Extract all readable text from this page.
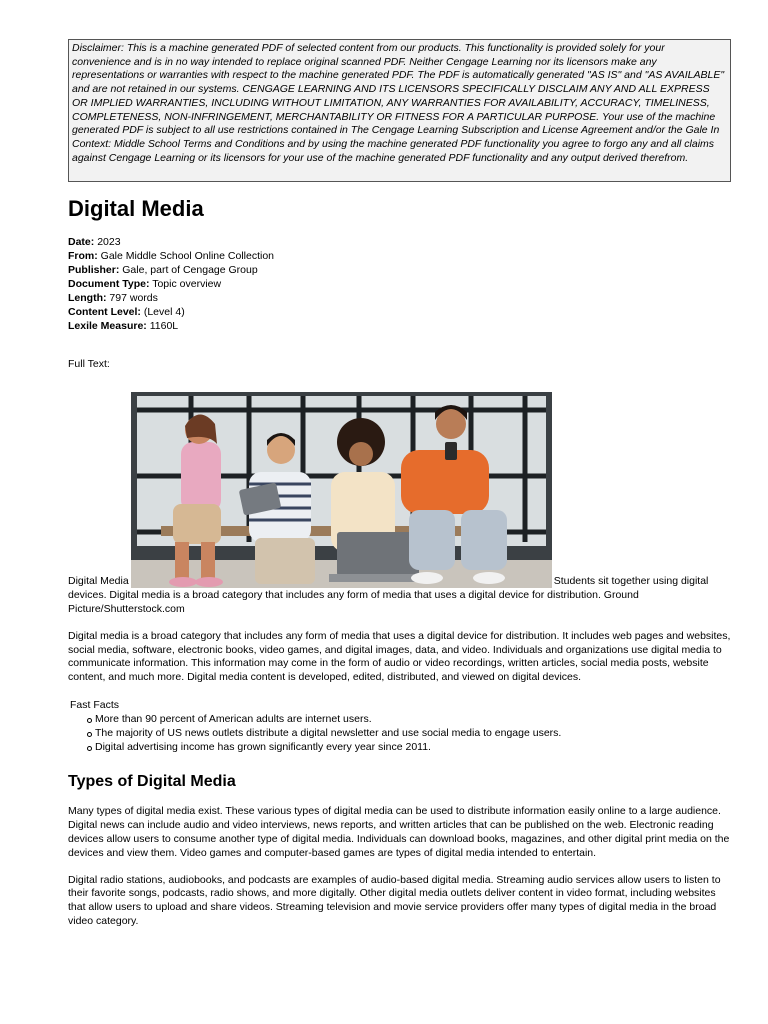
Disclaimer: This is a machine generated PDF of selected content from our products. This functionality is provided solely for your convenience and is in no way intended to replace original scanned PDF. Neither Cengage Learning nor its licensors make any representations or warranties with respect to the machine generated PDF. The PDF is automatically generated "AS IS" and "AS AVAILABLE" and are not retained in our systems. CENGAGE LEARNING AND ITS LICENSORS SPECIFICALLY DISCLAIM ANY AND ALL EXPRESS OR IMPLIED WARRANTIES, INCLUDING WITHOUT LIMITATION, ANY WARRANTIES FOR AVAILABILITY, ACCURACY, TIMELINESS, COMPLETENESS, NON-INFRINGEMENT, MERCHANTABILITY OR FITNESS FOR A PARTICULAR PURPOSE. Your use of the machine generated PDF is subject to all use restrictions contained in The Cengage Learning Subscription and License Agreement and/or the Gale In Context: Middle School Terms and Conditions and by using the machine generated PDF functionality you agree to forgo any and all claims against Cengage Learning or its licensors for your use of the machine generated PDF functionality and any output derived therefrom.
Digital Media
Date: 2023
From: Gale Middle School Online Collection
Publisher: Gale, part of Cengage Group
Document Type: Topic overview
Length: 797 words
Content Level: (Level 4)
Lexile Measure: 1160L
Full Text:
Digital Media	Students sit together using digital devices. Digital media is a broad category that includes any form of media that uses a digital device for distribution. Ground Picture/Shutterstock.com
Digital media is a broad category that includes any form of media that uses a digital device for distribution. It includes web pages and websites, social media, software, electronic books, video games, and digital images, data, and video. Individuals and organizations use digital media to communicate information. This information may come in the form of audio or video recordings, written articles, social media posts, website content, and much more. Digital media content is developed, edited, distributed, and viewed on digital devices.
Fast Facts
More than 90 percent of American adults are internet users.
The majority of US news outlets distribute a digital newsletter and use social media to engage users.
Digital advertising income has grown significantly every year since 2011.
Types of Digital Media
Many types of digital media exist. These various types of digital media can be used to distribute information easily online to a large audience. Digital news can include audio and video interviews, news reports, and written articles that can be published on the web. Electronic reading devices allow users to consume another type of digital media. Individuals can download books, magazines, and other digital print media on the devices and view them. Video games and computer-based games are types of digital media intended to entertain.
Digital radio stations, audiobooks, and podcasts are examples of audio-based digital media. Streaming audio services allow users to listen to their favorite songs, podcasts, radio shows, and more digitally. Other digital media outlets deliver content in video format, including websites that allow users to upload and share videos. Streaming television and movie service providers offer many types of digital media in the broad video category.
